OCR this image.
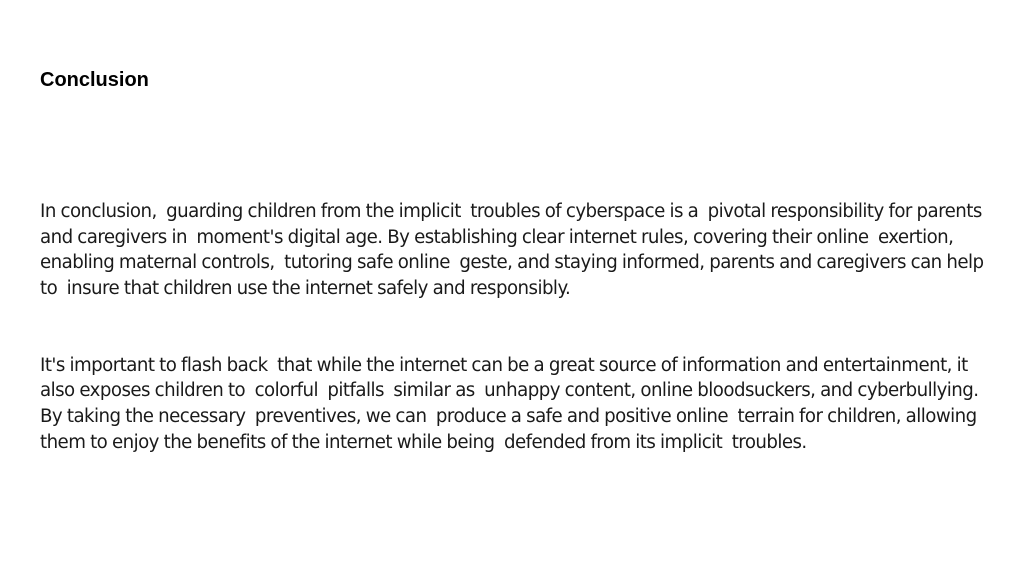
Conclusion

In conclusion,  guarding children from the implicit  troubles of cyberspace is a  pivotal responsibility for parents and caregivers in  moment's digital age. By establishing clear internet rules, covering their online  exertion, enabling maternal controls,  tutoring safe online  geste, and staying informed, parents and caregivers can help to  insure that children use the internet safely and responsibly.

It's important to flash back  that while the internet can be a great source of information and entertainment, it also exposes children to  colorful  pitfalls  similar as  unhappy content, online bloodsuckers, and cyberbullying. By taking the necessary  preventives, we can  produce a safe and positive online  terrain for children, allowing them to enjoy the benefits of the internet while being  defended from its implicit  troubles.
